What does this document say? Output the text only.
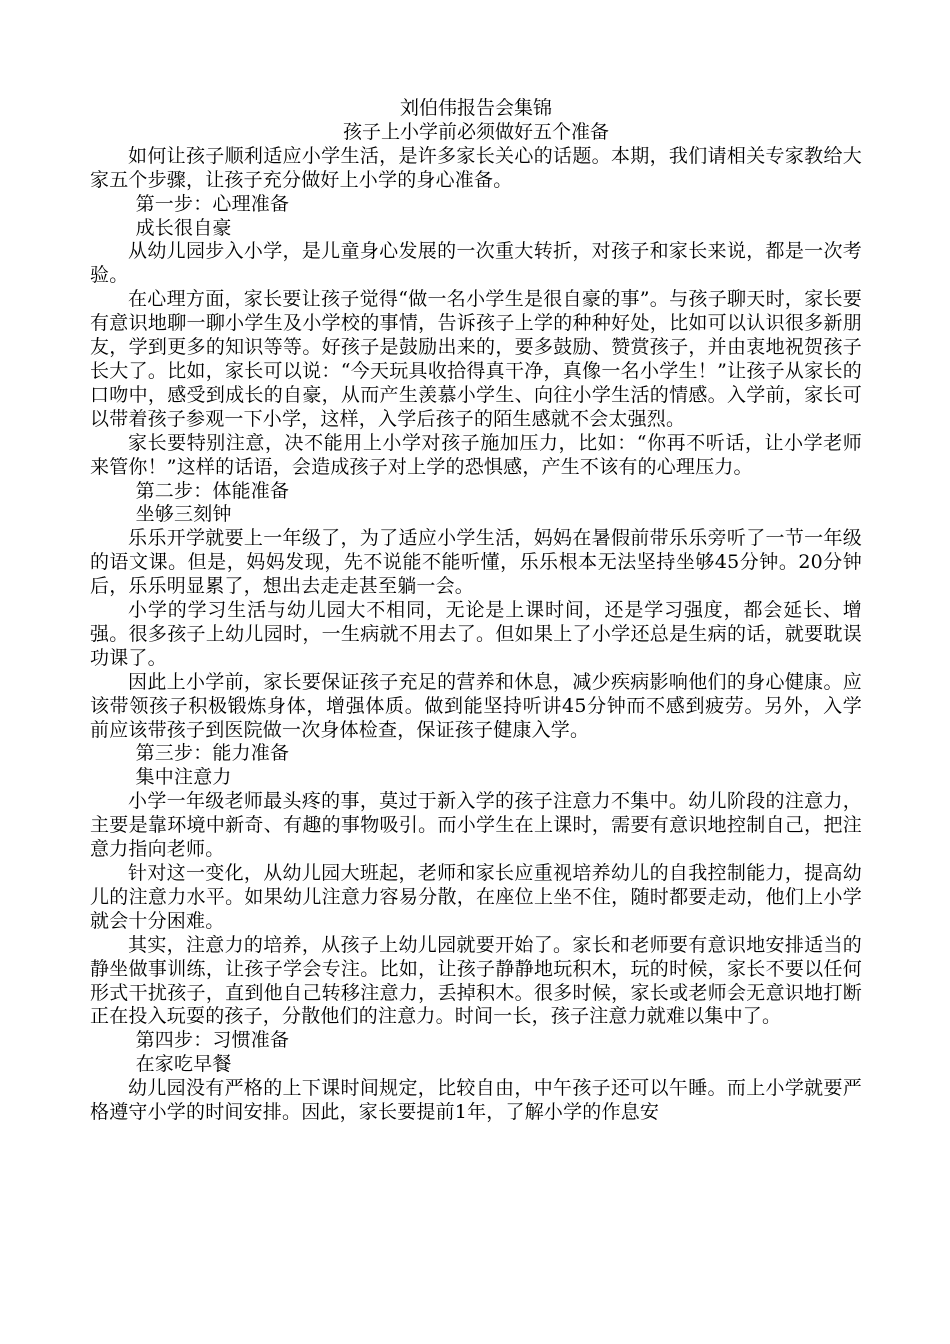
刘伯伟报告会集锦
孩子上小学前必须做好五个准备

如何让孩子顺利适应小学生活，是许多家长关心的话题。本期，我们请相关专家教给大家五个步骤，让孩子充分做好上小学的身心准备。

第一步：心理准备

成长很自豪

从幼儿园步入小学，是儿童身心发展的一次重大转折，对孩子和家长来说，都是一次考验。

在心理方面，家长要让孩子觉得“做一名小学生是很自豪的事”。与孩子聊天时，家长要有意识地聊一聊小学生及小学校的事情，告诉孩子上学的种种好处，比如可以认识很多新朋友，学到更多的知识等等。好孩子是鼓励出来的，要多鼓励、赞赏孩子，并由衷地祝贺孩子长大了。比如，家长可以说：“今天玩具收拾得真干净，真像一名小学生！”让孩子从家长的口吻中，感受到成长的自豪，从而产生羡慕小学生、向往小学生活的情感。入学前，家长可以带着孩子参观一下小学，这样，入学后孩子的陌生感就不会太强烈。

家长要特别注意，决不能用上小学对孩子施加压力，比如：“你再不听话，让小学老师来管你！”这样的话语，会造成孩子对上学的恐惧感，产生不该有的心理压力。

第二步：体能准备

坐够三刻钟

乐乐开学就要上一年级了，为了适应小学生活，妈妈在暑假前带乐乐旁听了一节一年级的语文课。但是，妈妈发现，先不说能不能听懂，乐乐根本无法坚持坐够45分钟。20分钟后，乐乐明显累了，想出去走走甚至躺一会。

小学的学习生活与幼儿园大不相同，无论是上课时间，还是学习强度，都会延长、增强。很多孩子上幼儿园时，一生病就不用去了。但如果上了小学还总是生病的话，就要耽误功课了。

因此上小学前，家长要保证孩子充足的营养和休息，减少疾病影响他们的身心健康。应该带领孩子积极锻炼身体，增强体质。做到能坚持听讲45分钟而不感到疲劳。另外，入学前应该带孩子到医院做一次身体检查，保证孩子健康入学。

第三步：能力准备

集中注意力

小学一年级老师最头疼的事，莫过于新入学的孩子注意力不集中。幼儿阶段的注意力，主要是靠环境中新奇、有趣的事物吸引。而小学生在上课时，需要有意识地控制自己，把注意力指向老师。

针对这一变化，从幼儿园大班起，老师和家长应重视培养幼儿的自我控制能力，提高幼儿的注意力水平。如果幼儿注意力容易分散，在座位上坐不住，随时都要走动，他们上小学就会十分困难。

其实，注意力的培养，从孩子上幼儿园就要开始了。家长和老师要有意识地安排适当的静坐做事训练，让孩子学会专注。比如，让孩子静静地玩积木，玩的时候，家长不要以任何形式干扰孩子，直到他自己转移注意力，丢掉积木。很多时候，家长或老师会无意识地打断正在投入玩耍的孩子，分散他们的注意力。时间一长，孩子注意力就难以集中了。

第四步：习惯准备

在家吃早餐

幼儿园没有严格的上下课时间规定，比较自由，中午孩子还可以午睡。而上小学就要严格遵守小学的时间安排。因此，家长要提前1年，了解小学的作息安
